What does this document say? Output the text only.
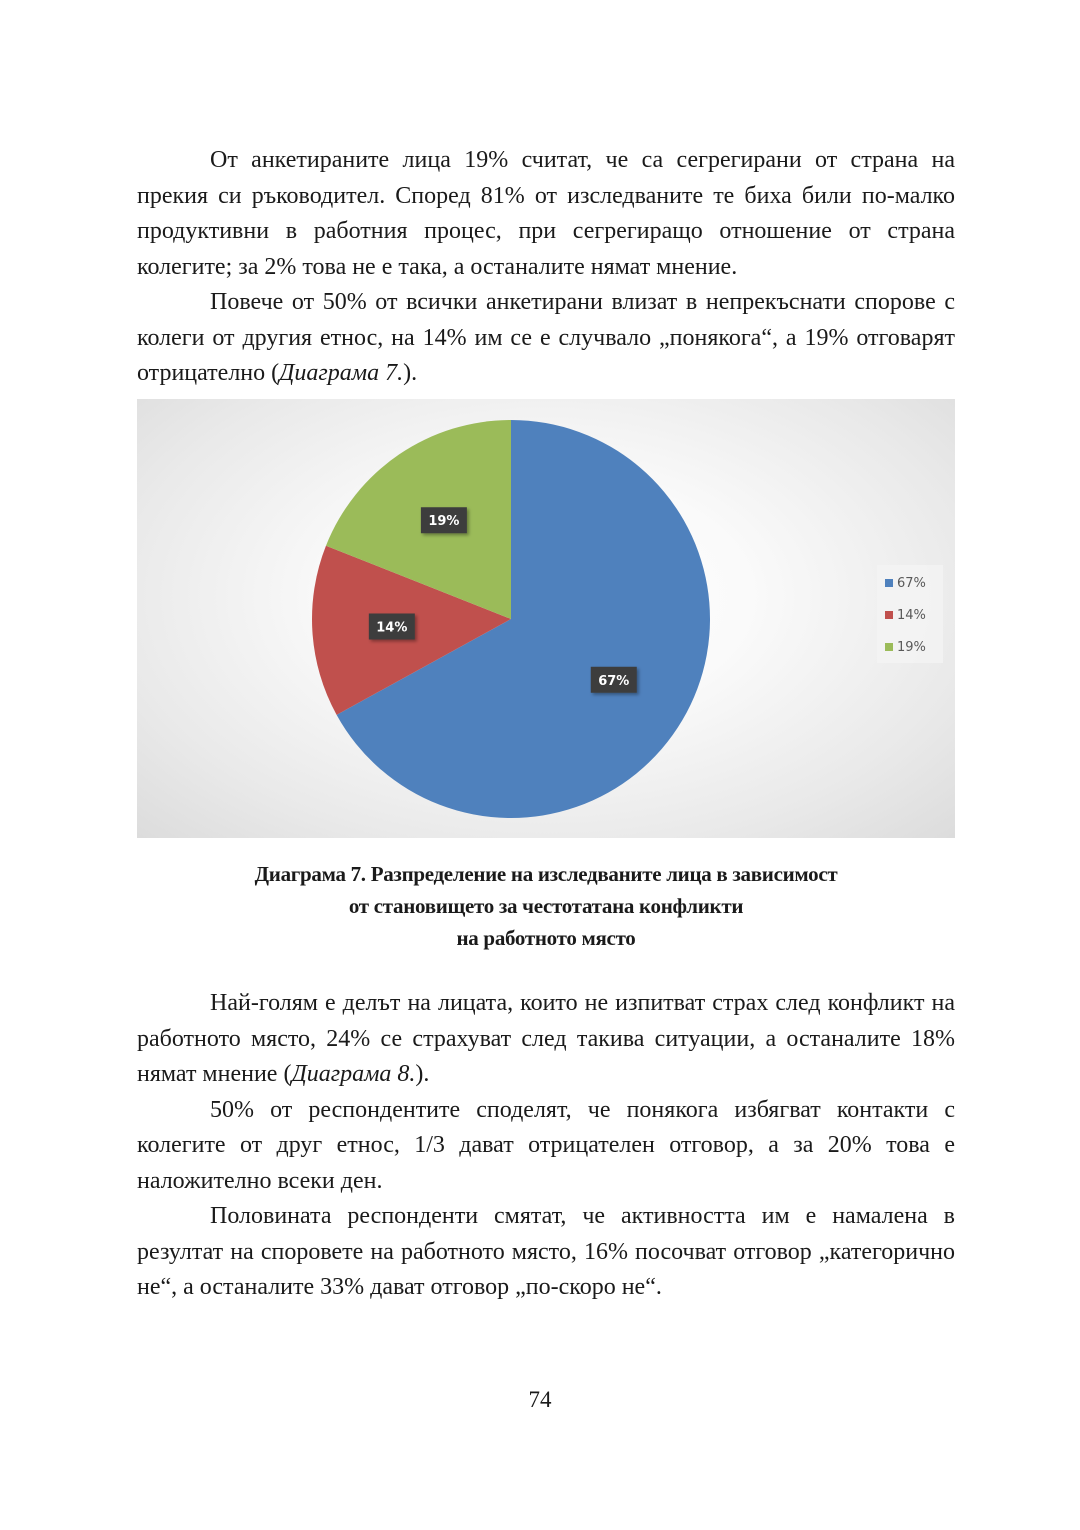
От анкетираните лица 19% считат, че са сегрегирани от страна на прекия си ръководител. Според 81% от изследваните те биха били по-малко продуктивни в работния процес, при сегрегиращо отношение от страна колегите; за 2% това не е така, а останалите нямат мнение.

Повече от 50% от всички анкетирани влизат в непрекъснати спорове с колеги от другия етнос, на 14% им се е случвало „понякога“, а 19% отговарят отрицателно (Диаграма 7.).

67%
14%
19%
67%
14%
19%
Диаграма 7. Разпределение на изследваните лица в зависимост
от становището за честотатана конфликти
на работното място

Най-голям е делът на лицата, които не изпитват страх след конфликт на работното място, 24% се страхуват след такива ситуации, а останалите 18% нямат мнение (Диаграма 8.).

50% от респондентите споделят, че понякога избягват контакти с колегите от друг етнос, 1/3 дават отрицателен отговор, а за 20% това е наложително всеки ден.

Половината респонденти смятат, че активността им е намалена в резултат на споровете на работното място, 16% посочват отговор „категорично не“, а останалите 33% дават отговор „по-скоро не“.

74
